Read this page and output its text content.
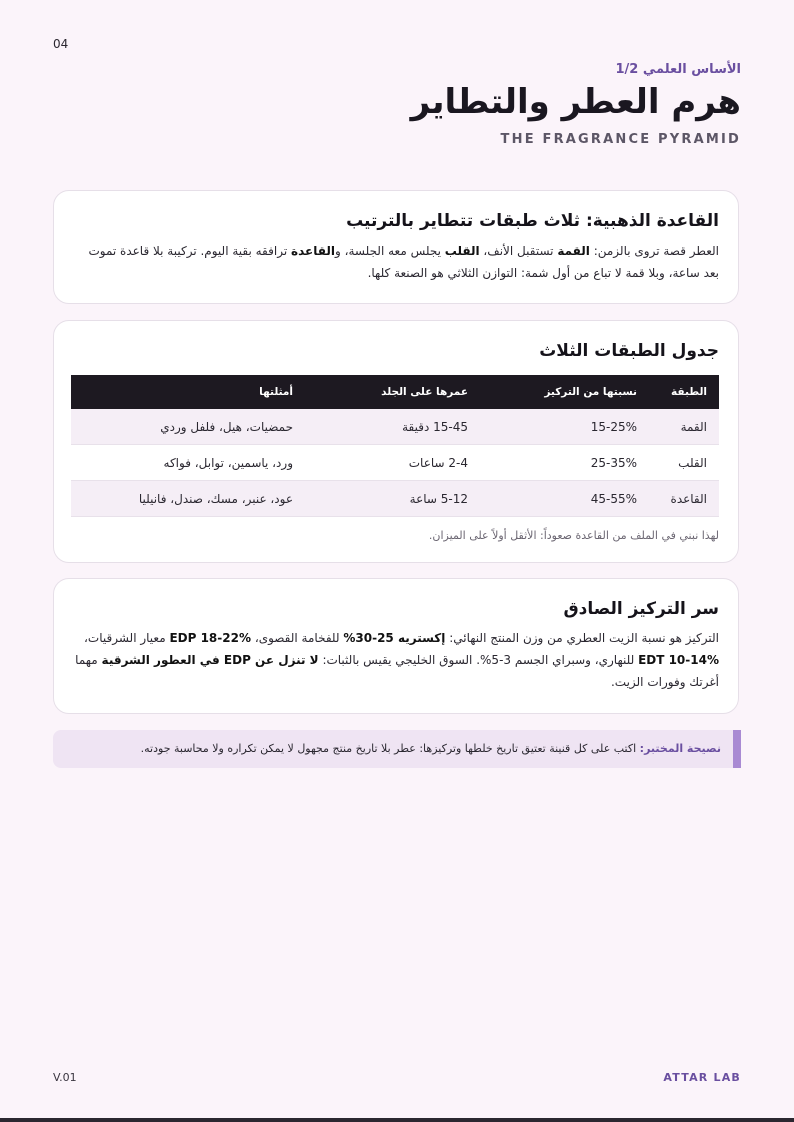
04
الأساس العلمي 1/2
هرم العطر والتطاير
THE FRAGRANCE PYRAMID
القاعدة الذهبية: ثلاث طبقات تتطاير بالترتيب

العطر قصة تروى بالزمن: القمة تستقبل الأنف، القلب يجلس معه الجلسة، والقاعدة ترافقه بقية اليوم. تركيبة بلا قاعدة تموت بعد ساعة، وبلا قمة لا تباع من أول شمة: التوازن الثلاثي هو الصنعة كلها.

جدول الطبقات الثلاث
الطبقة	نسبتها من التركيز	عمرها على الجلد	أمثلتها
القمة	15-25%	15-45 دقيقة	حمضيات، هيل، فلفل وردي
القلب	25-35%	2-4 ساعات	ورد، ياسمين، توابل، فواكه
القاعدة	45-55%	5-12 ساعة	عود، عنبر، مسك، صندل، فانيليا
لهذا نبني في الملف من القاعدة صعوداً: الأثقل أولاً على الميزان.
سر التركيز الصادق

التركيز هو نسبة الزيت العطري من وزن المنتج النهائي: إكستريه 25-30% للفخامة القصوى، EDP 18-22% معيار الشرقيات، EDT 10-14% للنهاري، وسبراي الجسم 3-5%. السوق الخليجي يقيس بالثبات: لا تنزل عن EDP في العطور الشرقية مهما أغرتك وفورات الزيت.

نصيحة المختبر: اكتب على كل قنينة تعتيق تاريخ خلطها وتركيزها: عطر بلا تاريخ منتج مجهول لا يمكن تكراره ولا محاسبة جودته.
V.01	ATTAR LAB
